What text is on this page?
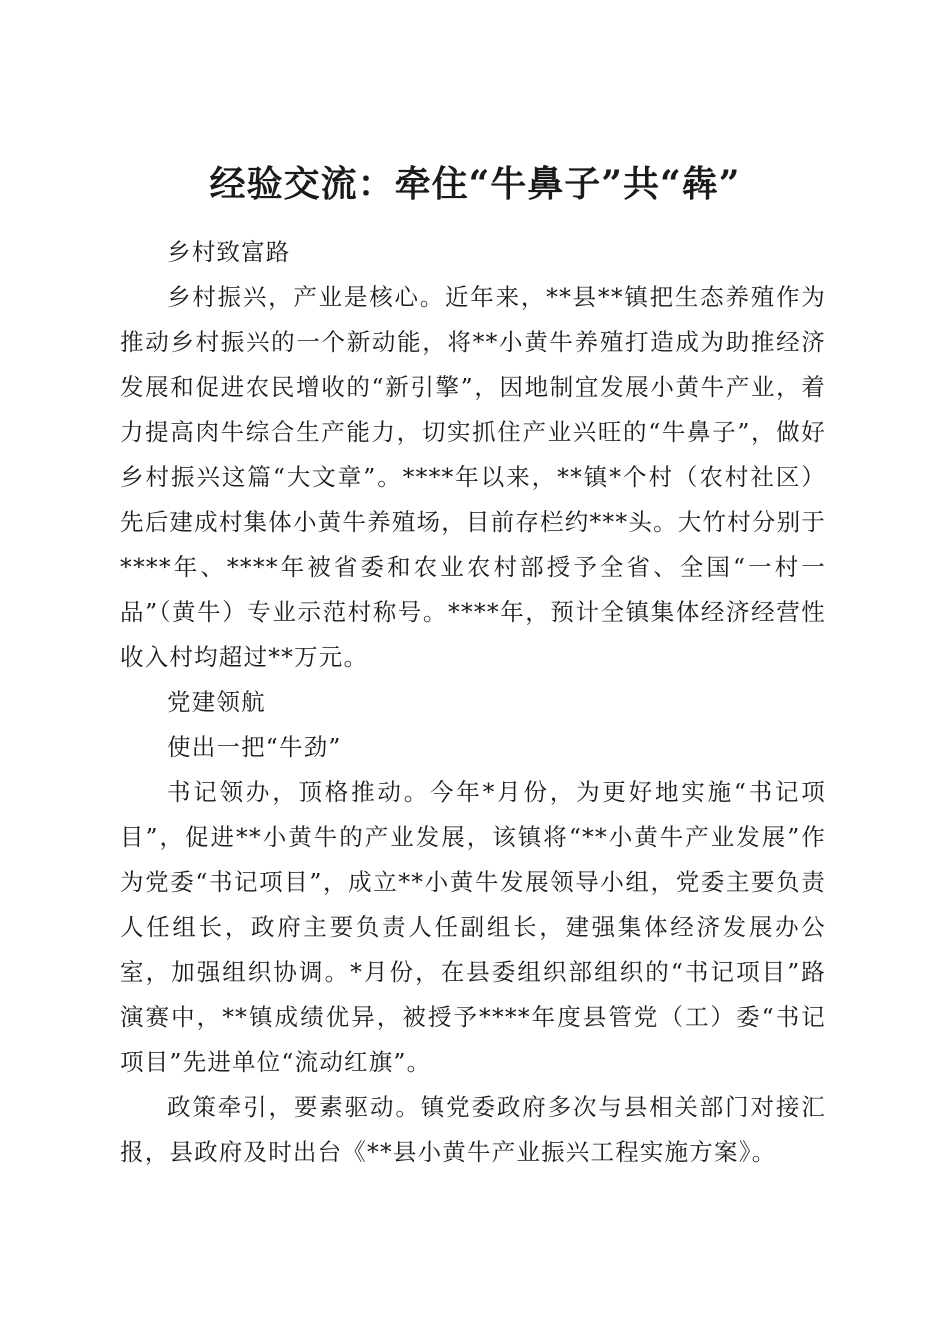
经验交流：牵住“牛鼻子”共“犇”

乡村致富路

乡村振兴，产业是核心。近年来，**县**镇把生态养殖作为推动乡村振兴的一个新动能，将**小黄牛养殖打造成为助推经济发展和促进农民增收的“新引擎”，因地制宜发展小黄牛产业，着力提高肉牛综合生产能力，切实抓住产业兴旺的“牛鼻子”，做好乡村振兴这篇“大文章”。****年以来，**镇*个村（农村社区）先后建成村集体小黄牛养殖场，目前存栏约***头。大竹村分别于****年、****年被省委和农业农村部授予全省、全国“一村一品”（黄牛）专业示范村称号。****年，预计全镇集体经济经营性收入村均超过**万元。

党建领航

使出一把“牛劲”

书记领办，顶格推动。今年*月份，为更好地实施“书记项目”，促进**小黄牛的产业发展，该镇将“**小黄牛产业发展”作为党委“书记项目”，成立**小黄牛发展领导小组，党委主要负责人任组长，政府主要负责人任副组长，建强集体经济发展办公室，加强组织协调。*月份，在县委组织部组织的“书记项目”路演赛中，**镇成绩优异，被授予****年度县管党（工）委“书记项目”先进单位“流动红旗”。

政策牵引，要素驱动。镇党委政府多次与县相关部门对接汇报，县政府及时出台《**县小黄牛产业振兴工程实施方案》。
